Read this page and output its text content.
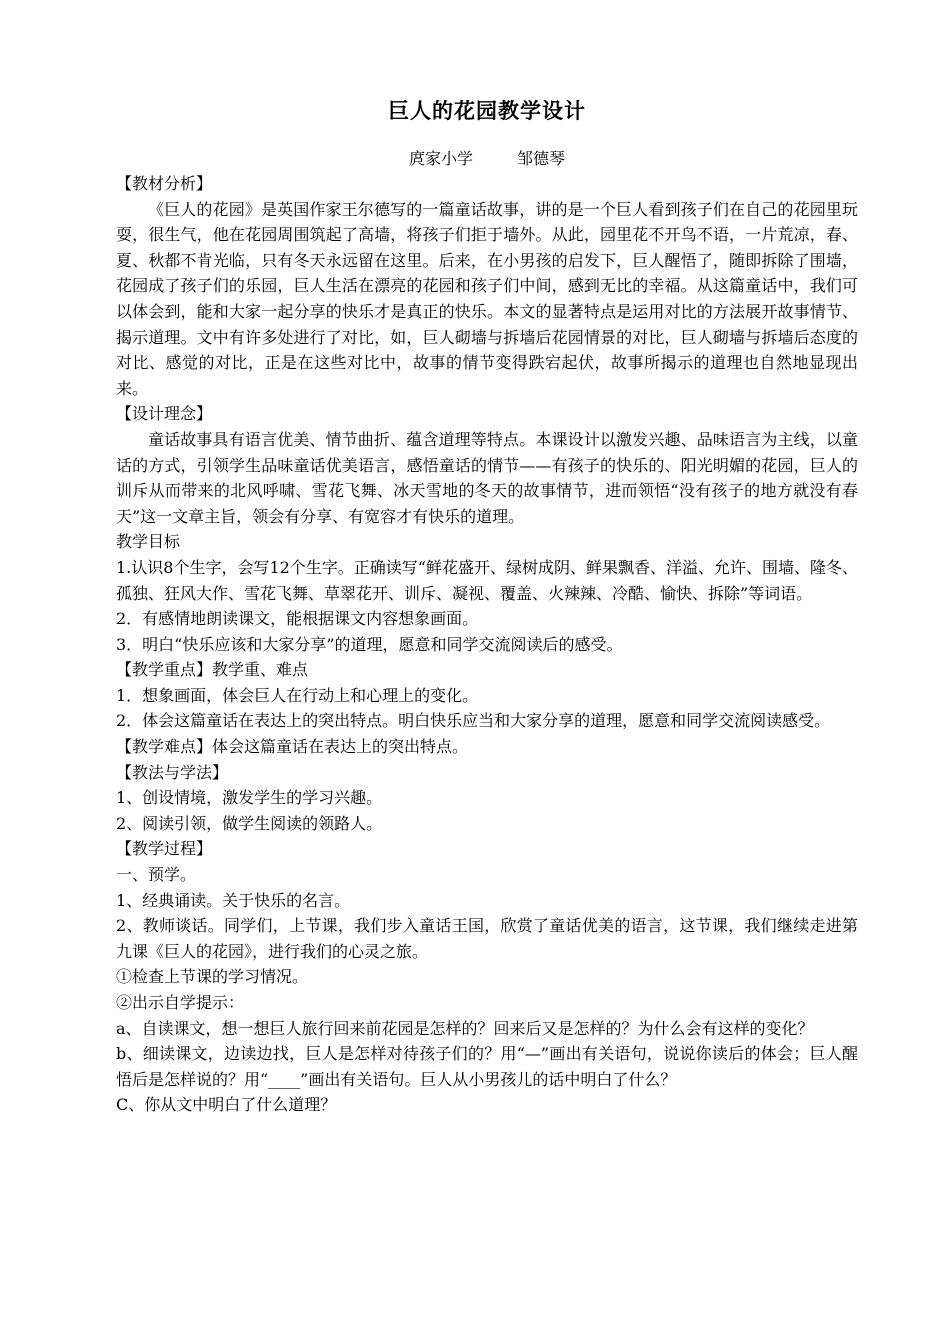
巨人的花园教学设计

庹家小学	邹德琴

【教材分析】

《巨人的花园》是英国作家王尔德写的一篇童话故事，讲的是一个巨人看到孩子们在自己的花园里玩耍，很生气，他在花园周围筑起了高墙，将孩子们拒于墙外。从此，园里花不开鸟不语，一片荒凉，春、夏、秋都不肯光临，只有冬天永远留在这里。后来，在小男孩的启发下，巨人醒悟了，随即拆除了围墙，花园成了孩子们的乐园，巨人生活在漂亮的花园和孩子们中间，感到无比的幸福。从这篇童话中，我们可以体会到，能和大家一起分享的快乐才是真正的快乐。本文的显著特点是运用对比的方法展开故事情节、揭示道理。文中有许多处进行了对比，如，巨人砌墙与拆墙后花园情景的对比，巨人砌墙与拆墙后态度的对比、感觉的对比，正是在这些对比中，故事的情节变得跌宕起伏，故事所揭示的道理也自然地显现出来。

【设计理念】

童话故事具有语言优美、情节曲折、蕴含道理等特点。本课设计以激发兴趣、品味语言为主线，以童话的方式，引领学生品味童话优美语言，感悟童话的情节——有孩子的快乐的、阳光明媚的花园，巨人的训斥从而带来的北风呼啸、雪花飞舞、冰天雪地的冬天的故事情节，进而领悟“没有孩子的地方就没有春天”这一文章主旨，领会有分享、有宽容才有快乐的道理。

教学目标

1.认识8个生字，会写12个生字。正确读写“鲜花盛开、绿树成阴、鲜果飘香、洋溢、允许、围墙、隆冬、孤独、狂风大作、雪花飞舞、草翠花开、训斥、凝视、覆盖、火辣辣、冷酷、愉快、拆除”等词语。

2．有感情地朗读课文，能根据课文内容想象画面。

3．明白“快乐应该和大家分享”的道理，愿意和同学交流阅读后的感受。

【教学重点】教学重、难点

1．想象画面，体会巨人在行动上和心理上的变化。

2．体会这篇童话在表达上的突出特点。明白快乐应当和大家分享的道理，愿意和同学交流阅读感受。

【教学难点】体会这篇童话在表达上的突出特点。

【教法与学法】

1、创设情境，激发学生的学习兴趣。

2、阅读引领，做学生阅读的领路人。

【教学过程】

一、预学。

1、经典诵读。关于快乐的名言。

2、教师谈话。同学们，上节课，我们步入童话王国，欣赏了童话优美的语言，这节课，我们继续走进第九课《巨人的花园》，进行我们的心灵之旅。

①检查上节课的学习情况。

②出示自学提示：

a、自读课文，想一想巨人旅行回来前花园是怎样的？回来后又是怎样的？为什么会有这样的变化？

b、细读课文，边读边找，巨人是怎样对待孩子们的？用“—”画出有关语句，说说你读后的体会；巨人醒悟后是怎样说的？用“____”画出有关语句。巨人从小男孩儿的话中明白了什么？

C、你从文中明白了什么道理？
